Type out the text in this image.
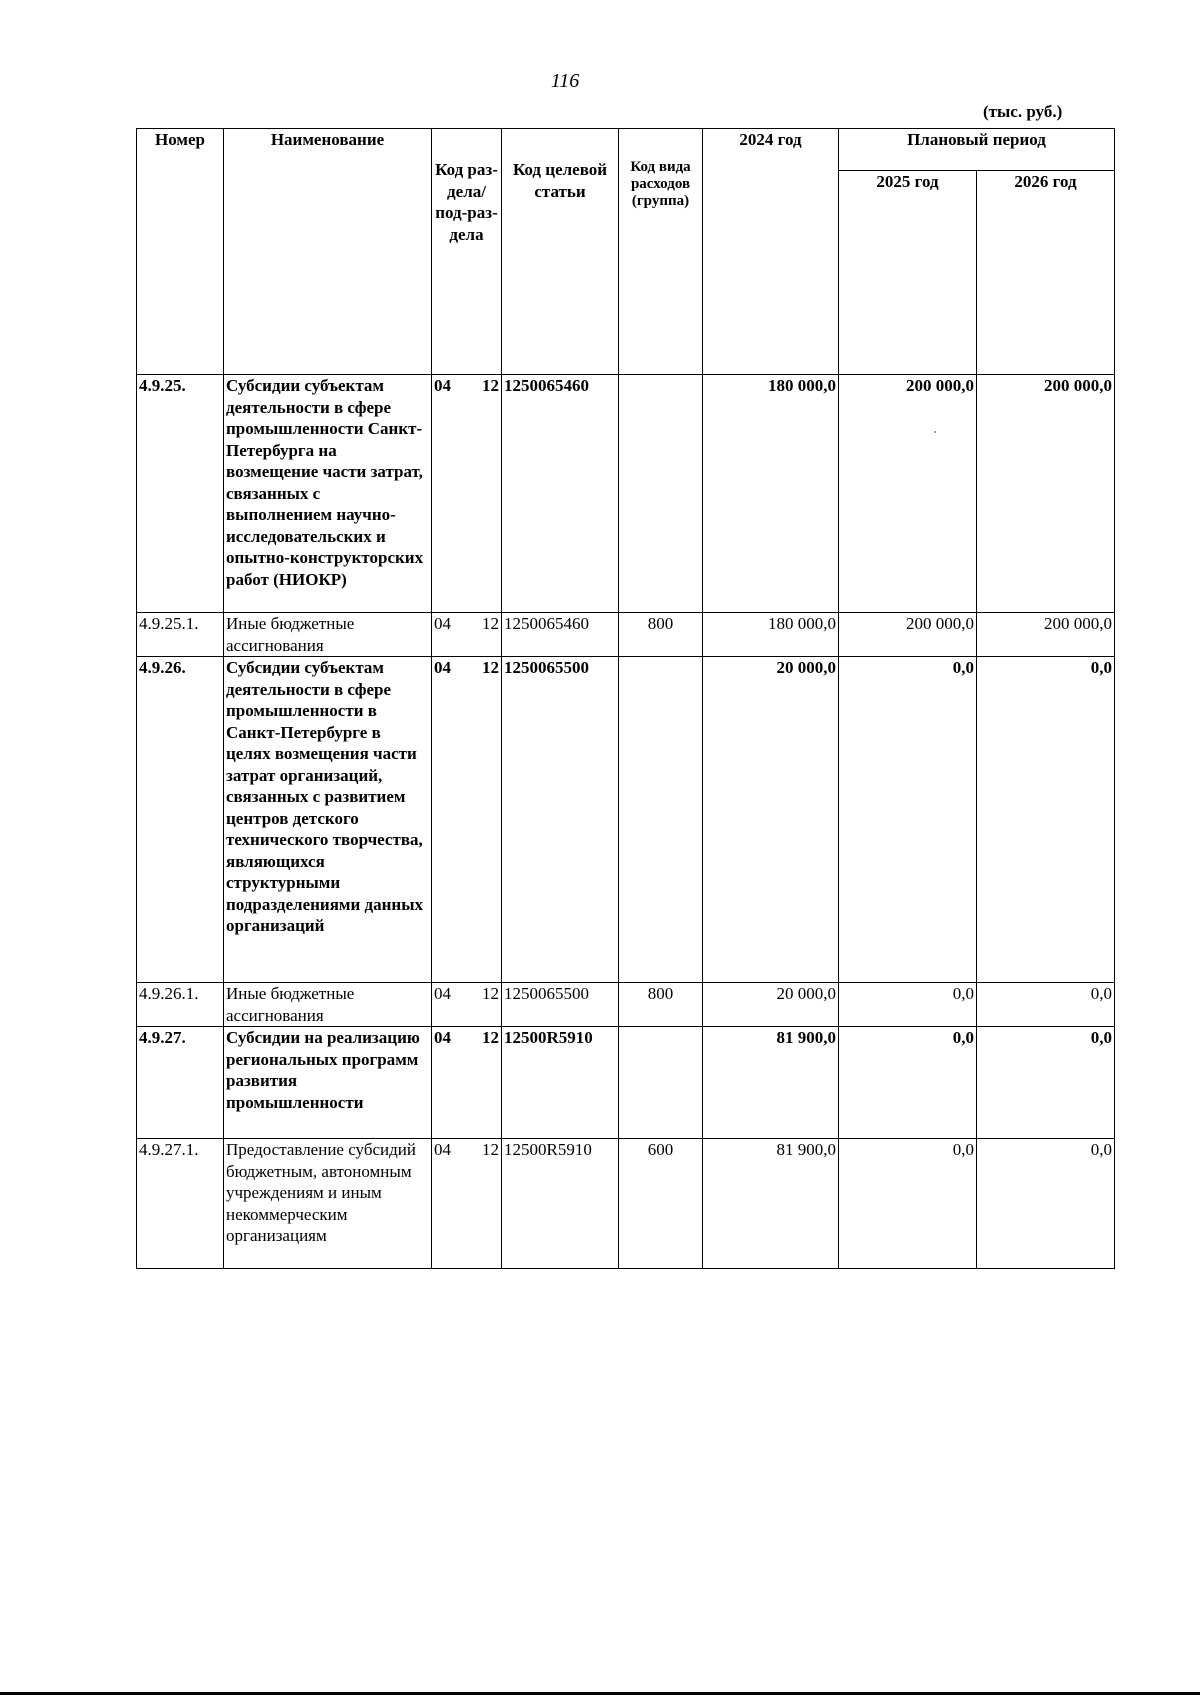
116
(тыс. руб.)
Номер	Наименование	Код раз-дела/ под-раз-дела	Код целевой статьи	Код вида расходов (группа)	2024 год	Плановый период	
						2025 год	2026 год
4.9.25.	Субсидии субъектам деятельности в сфере промышленности Санкт-Петербурга на возмещение части затрат, связанных с выполнением научно-исследовательских и опытно-конструкторских работ (НИОКР)	04 12	1250065460		180 000,0	200 000,0	200 000,0
4.9.25.1.	Иные бюджетные ассигнования	04 12	1250065460	800	180 000,0	200 000,0	200 000,0
4.9.26.	Субсидии субъектам деятельности в сфере промышленности в Санкт-Петербурге в целях возмещения части затрат организаций, связанных с развитием центров детского технического творчества, являющихся структурными подразделениями данных организаций	04 12	1250065500		20 000,0	0,0	0,0
4.9.26.1.	Иные бюджетные ассигнования	04 12	1250065500	800	20 000,0	0,0	0,0
4.9.27.	Субсидии на реализацию региональных программ развития промышленности	04 12	12500R5910		81 900,0	0,0	0,0
4.9.27.1.	Предоставление субсидий бюджетным, автономным учреждениям и иным некоммерческим организациям	04 12	12500R5910	600	81 900,0	0,0	0,0
